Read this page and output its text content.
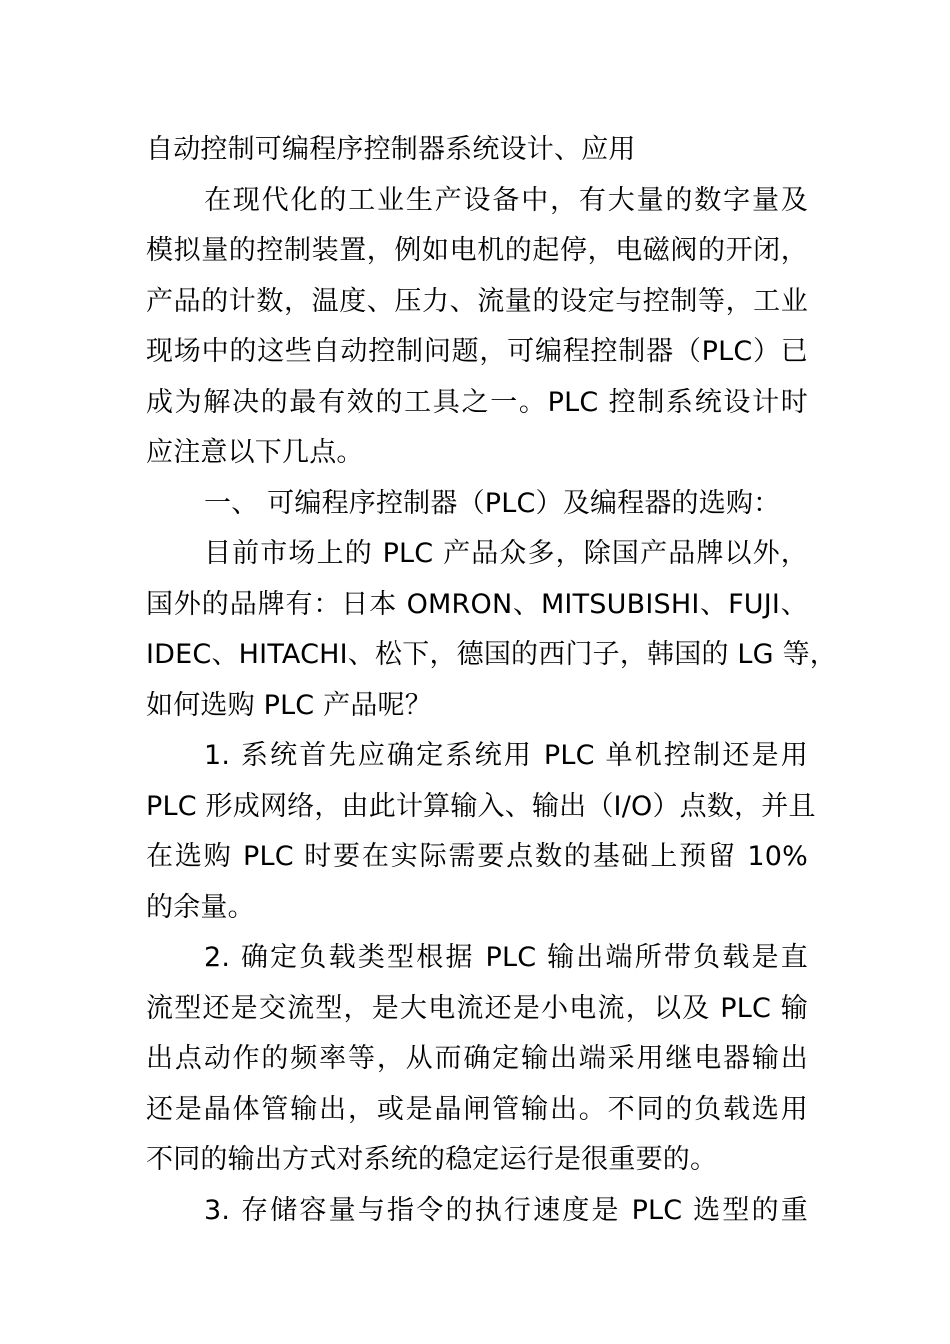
自动控制可编程序控制器系统设计、应用
在现代化的工业生产设备中，有大量的数字量及
模拟量的控制装置，例如电机的起停，电磁阀的开闭，
产品的计数，温度、压力、流量的设定与控制等，工业
现场中的这些自动控制问题，可编程控制器（PLC）已
成为解决的最有效的工具之一。PLC 控制系统设计时
应注意以下几点。
一、 可编程序控制器（PLC）及编程器的选购：
目前市场上的 PLC 产品众多，除国产品牌以外，
国外的品牌有：日本 OMRON、MITSUBISHI、FUJI、
IDEC、HITACHI、松下，德国的西门子，韩国的 LG 等，
如何选购 PLC 产品呢？
1. 系统首先应确定系统用 PLC 单机控制还是用
PLC 形成网络，由此计算输入、输出（I/O）点数，并且
在选购 PLC 时要在实际需要点数的基础上预留 10%
的余量。
2. 确定负载类型根据 PLC 输出端所带负载是直
流型还是交流型，是大电流还是小电流，以及 PLC 输
出点动作的频率等，从而确定输出端采用继电器输出
还是晶体管输出，或是晶闸管输出。不同的负载选用
不同的输出方式对系统的稳定运行是很重要的。
3. 存储容量与指令的执行速度是 PLC 选型的重
